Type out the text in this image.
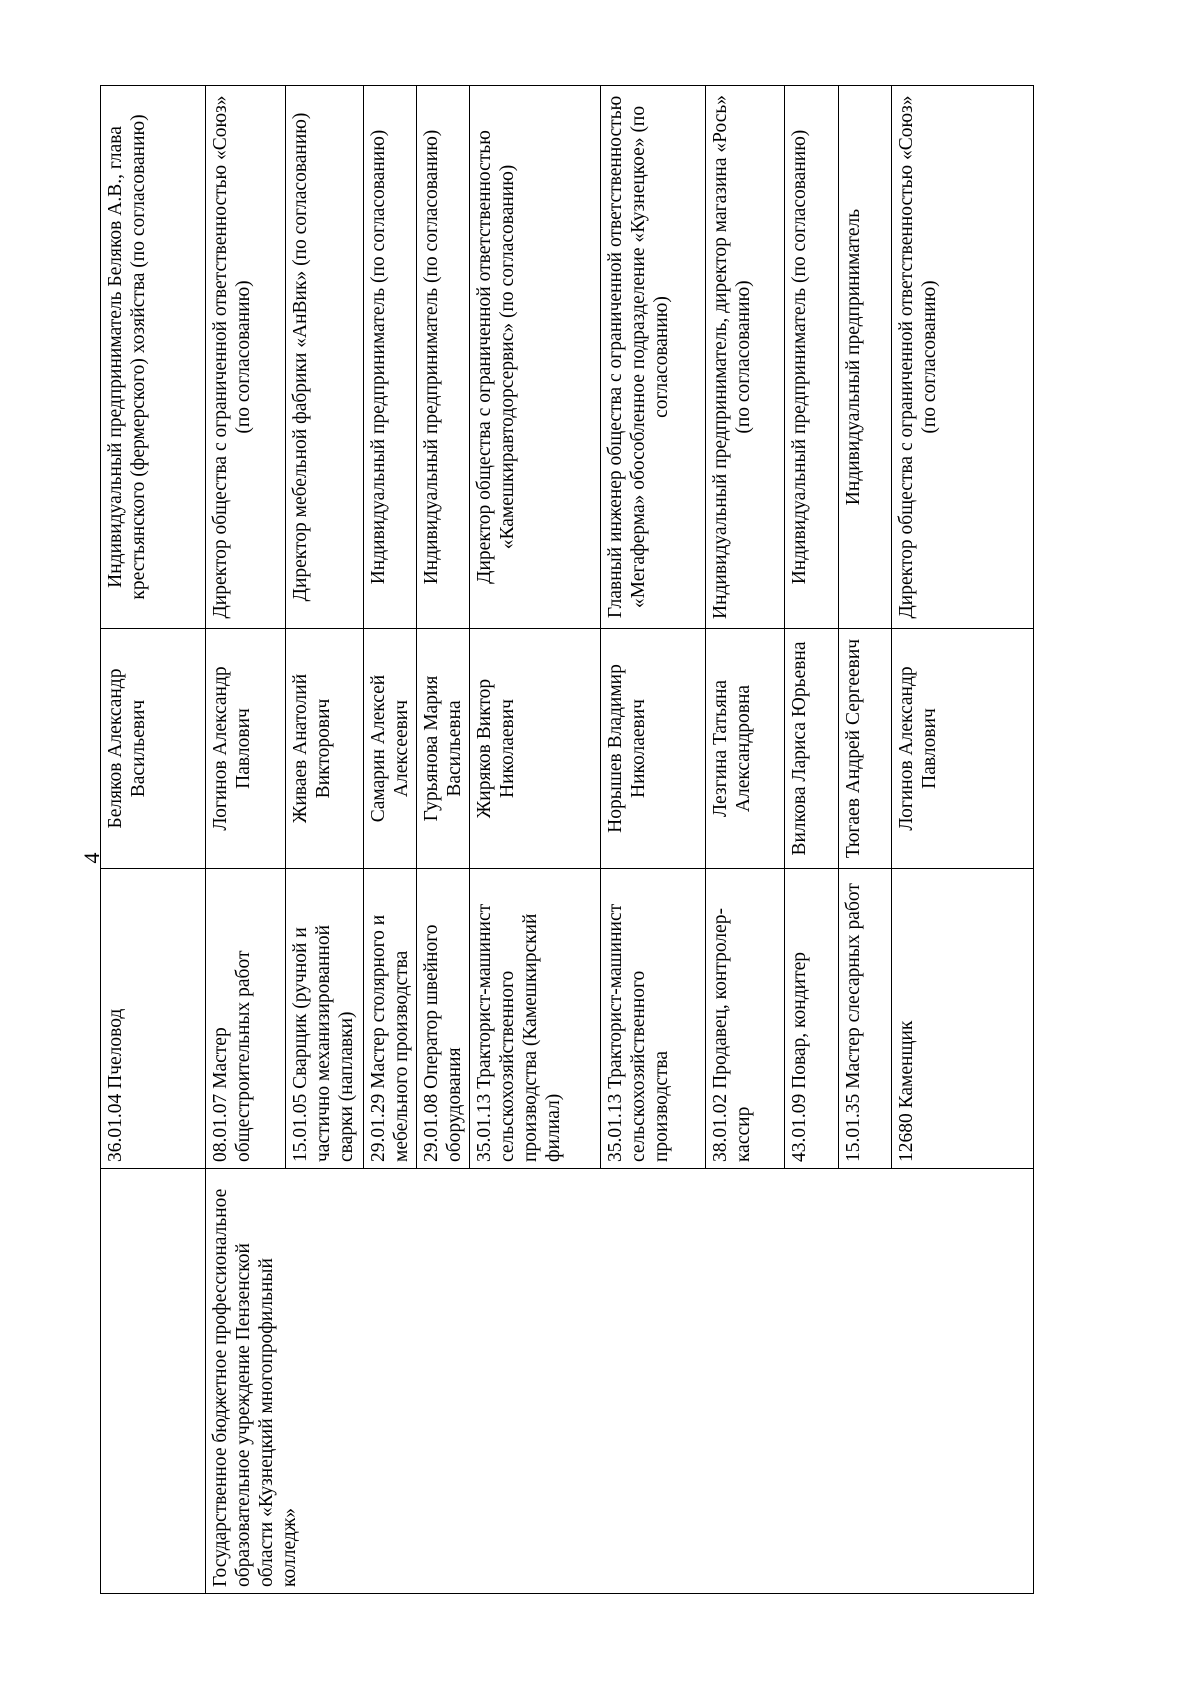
4
	36.01.04 Пчеловод	Беляков Александр Васильевич	Индивидуальный предприниматель Беляков А.В., глава крестьянского (фермерского) хозяйства (по согласованию)
Государственное бюджетное профессиональное образовательное учреждение Пензенской области «Кузнецкий многопрофильный колледж»	08.01.07 Мастер общестроительных работ	Логинов Александр Павлович	Директор общества с ограниченной ответственностью «Союз» (по согласованию)
	15.01.05 Сварщик (ручной и частично механизированной сварки (наплавки)	Живаев Анатолий Викторович	Директор мебельной фабрики «АнВик» (по согласованию)
	29.01.29 Мастер столярного и мебельного производства	Самарин Алексей Алексеевич	Индивидуальный предприниматель (по согласованию)
	29.01.08 Оператор швейного оборудования	Гурьянова Мария Васильевна	Индивидуальный предприниматель (по согласованию)
	35.01.13 Тракторист-машинист сельскохозяйственного производства (Камешкирский филиал)	Жиряков Виктор Николаевич	Директор общества с ограниченной ответственностью «Камешкиравтодорсервис» (по согласованию)
	35.01.13 Тракторист-машинист сельскохозяйственного производства	Норышев Владимир Николаевич	Главный инженер общества с ограниченной ответственностью «Мегаферма» обособленное подразделение «Кузнецкое» (по согласованию)
	38.01.02 Продавец, контролер-кассир	Лезгина Татьяна Александровна	Индивидуальный предприниматель, директор магазина «Рось» (по согласованию)
	43.01.09 Повар, кондитер	Вилкова Лариса Юрьевна	Индивидуальный предприниматель (по согласованию)
	15.01.35 Мастер слесарных работ	Тюгаев Андрей Сергеевич	Индивидуальный предприниматель
	12680 Каменщик	Логинов Александр Павлович	Директор общества с ограниченной ответственностью «Союз» (по согласованию)
